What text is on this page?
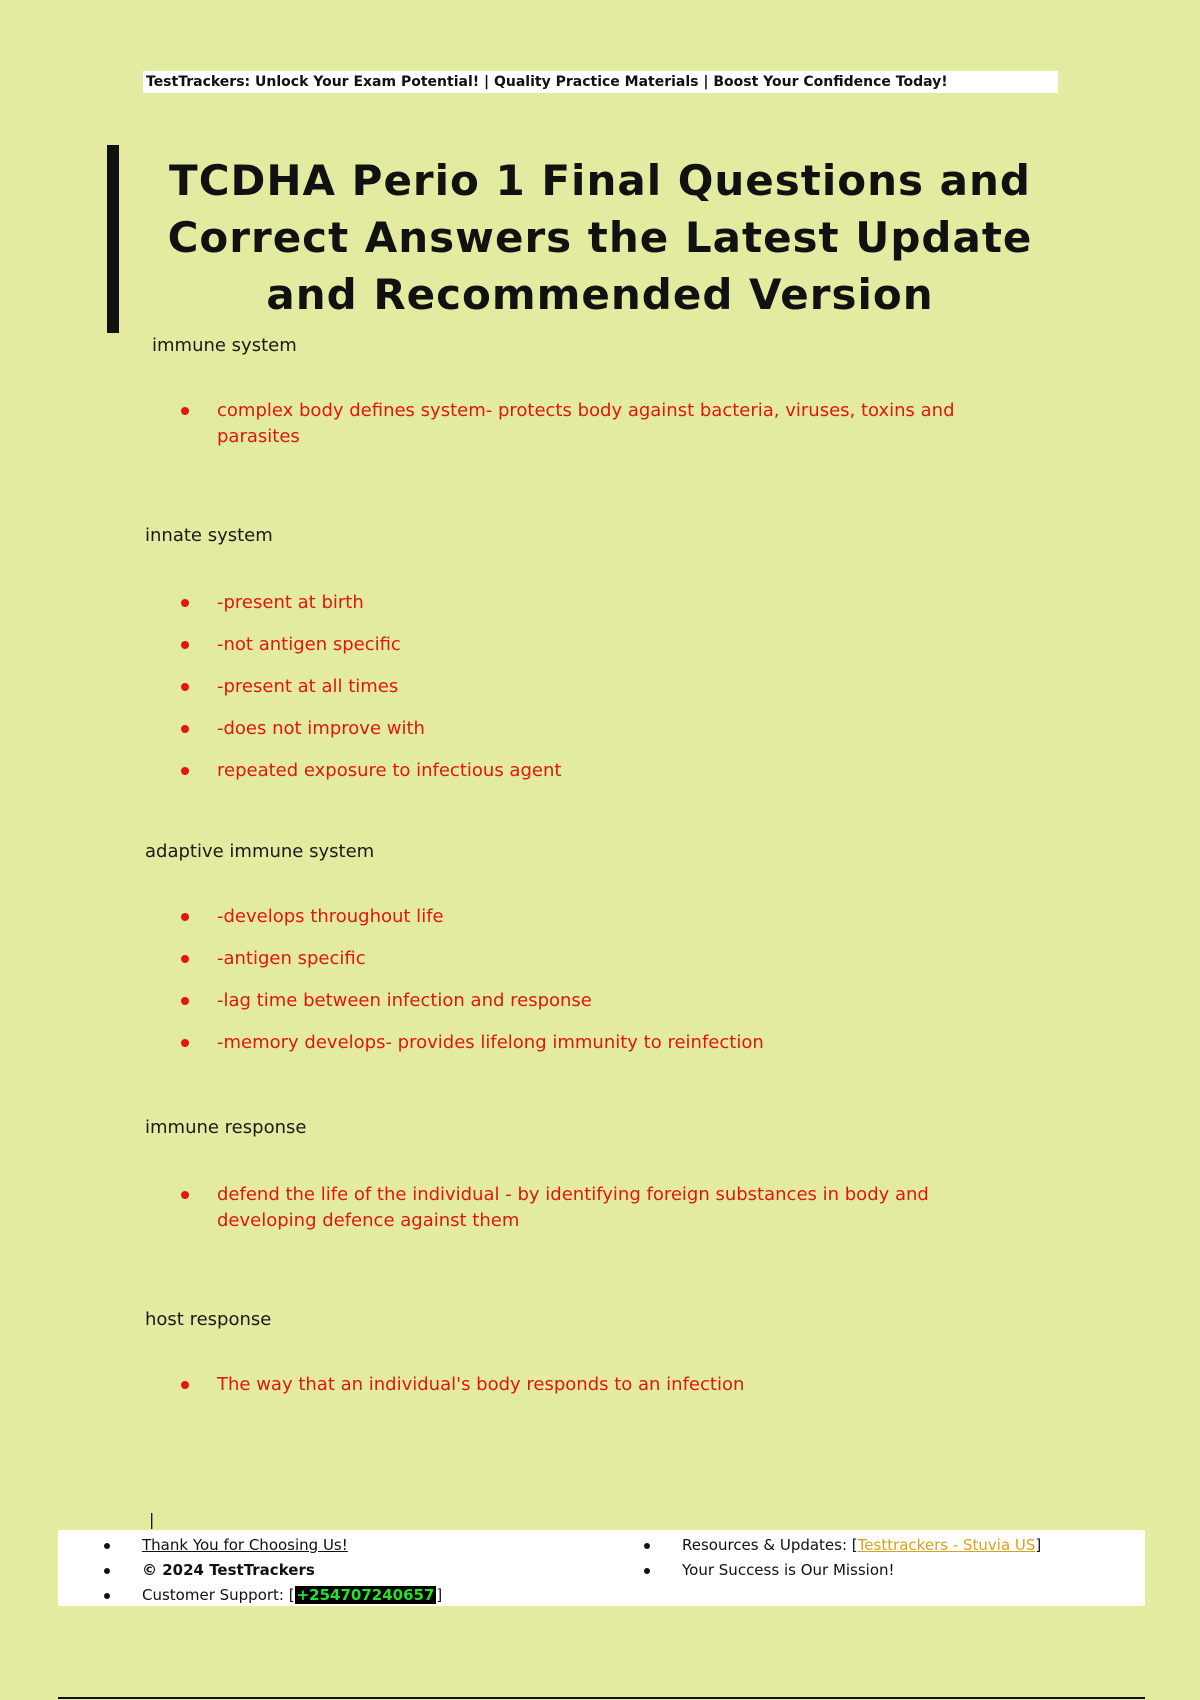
TestTrackers: Unlock Your Exam Potential! | Quality Practice Materials | Boost Your Confidence Today!
TCDHA Perio 1 Final Questions and Correct Answers the Latest Update and Recommended Version
immune system
complex body defines system- protects body against bacteria, viruses, toxins and parasites
innate system
-present at birth
-not antigen specific
-present at all times
-does not improve with
repeated exposure to infectious agent
adaptive immune system
-develops throughout life
-antigen specific
-lag time between infection and response
-memory develops- provides lifelong immunity to reinfection
immune response
defend the life of the individual - by identifying foreign substances in body and developing defence against them
host response
The way that an individual's body responds to an infection
|
Thank You for Choosing Us!
© 2024 TestTrackers
Customer Support: [ +254707240657 ]
Resources & Updates: [Testtrackers - Stuvia US]
Your Success is Our Mission!
